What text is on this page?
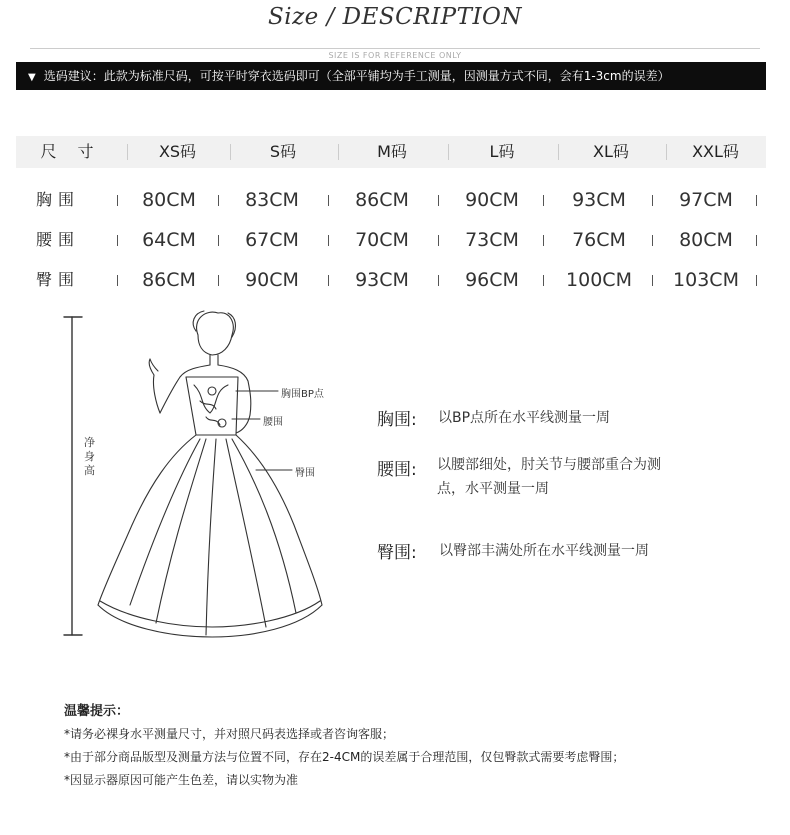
Size / DESCRIPTION
SIZE IS FOR REFERENCE ONLY
▼ 选码建议：此款为标准尺码，可按平时穿衣选码即可（全部平铺均为手工测量，因测量方式不同，会有1-3cm的误差）
尺 寸	XS码	S码	M码	L码	XL码	XXL码
胸围	80CM	83CM	86CM	90CM	93CM	97CM
腰围	64CM	67CM	70CM	73CM	76CM	80CM
臀围	86CM	90CM	93CM	96CM	100CM	103CM
净身高
胸围BP点
腰围
臀围
胸围: 以BP点所在水平线测量一周
腰围: 以腰部细处，肘关节与腰部重合为测
点，水平测量一周
臀围: 以臀部丰满处所在水平线测量一周
温馨提示：
*请务必裸身水平测量尺寸，并对照尺码表选择或者咨询客服；
*由于部分商品版型及测量方法与位置不同，存在2-4CM的误差属于合理范围，仅包臀款式需要考虑臀围；
*因显示器原因可能产生色差，请以实物为准
